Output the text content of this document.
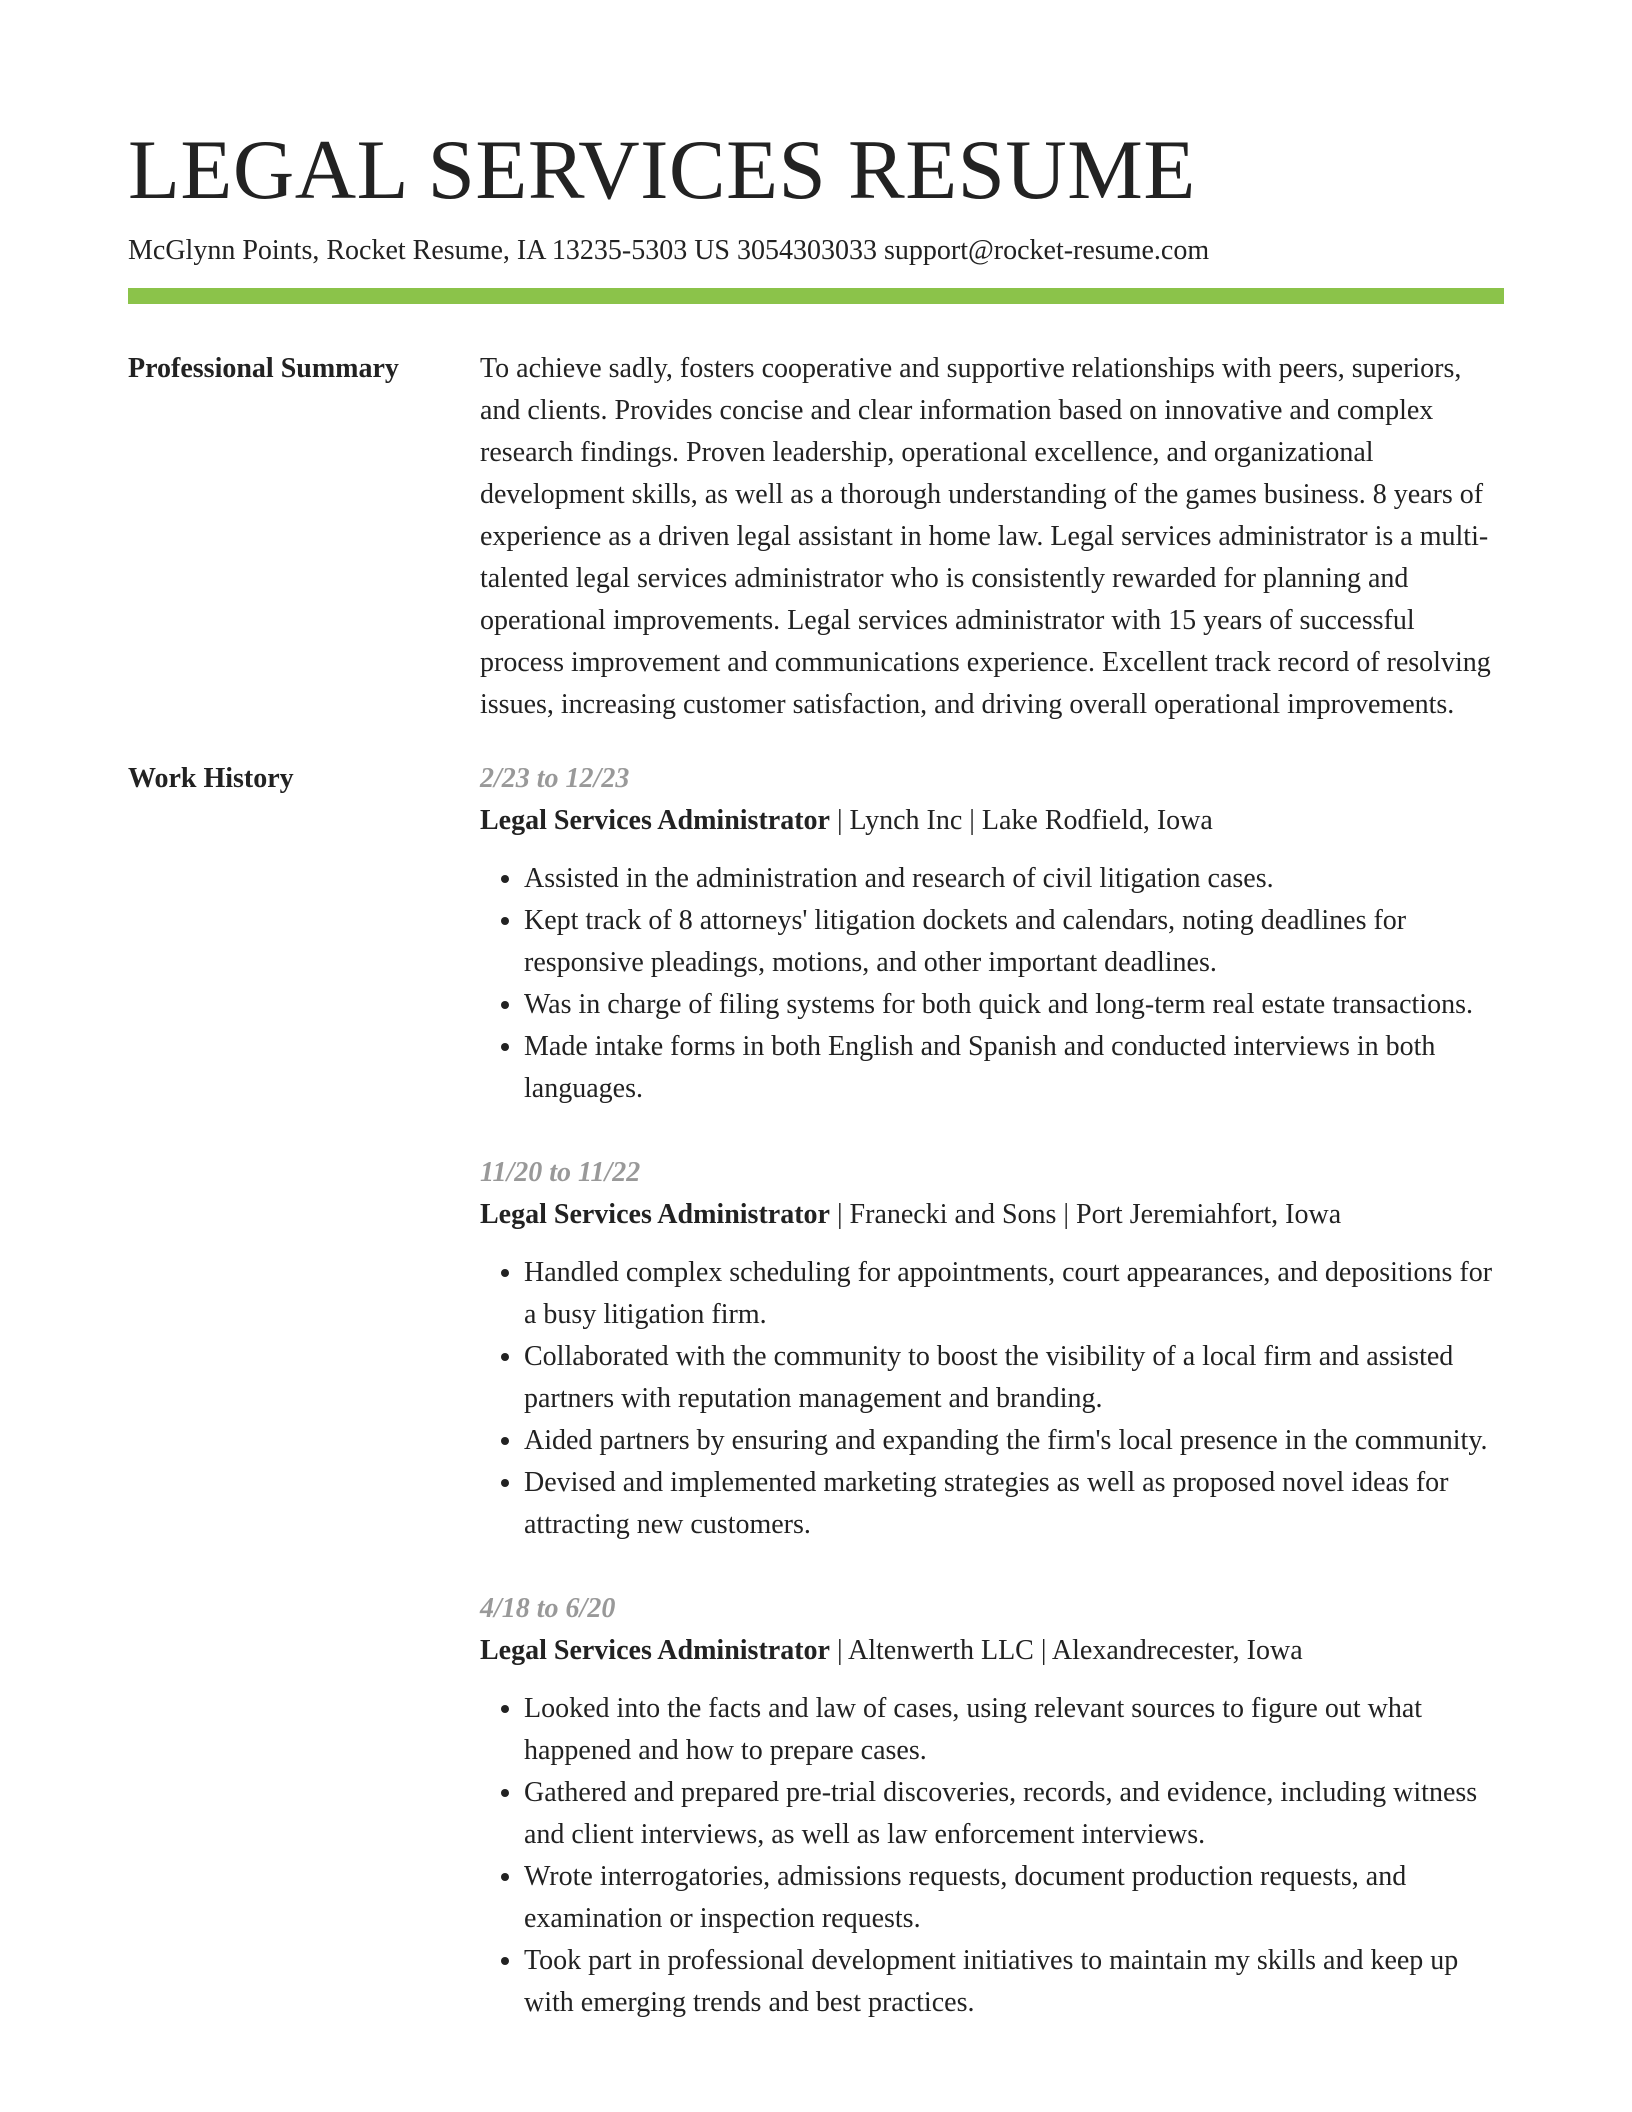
LEGAL SERVICES RESUME
McGlynn Points, Rocket Resume, IA 13235-5303 US 3054303033 support@rocket-resume.com
Professional Summary	To achieve sadly, fosters cooperative and supportive relationships with peers, superiors, and clients. Provides concise and clear information based on innovative and complex research findings. Proven leadership, operational excellence, and organizational development skills, as well as a thorough understanding of the games business. 8 years of experience as a driven legal assistant in home law. Legal services administrator is a multi-talented legal services administrator who is consistently rewarded for planning and operational improvements. Legal services administrator with 15 years of successful process improvement and communications experience. Excellent track record of resolving issues, increasing customer satisfaction, and driving overall operational improvements.

Work History	2/23 to 12/23
Legal Services Administrator | Lynch Inc | Lake Rodfield, Iowa
• Assisted in the administration and research of civil litigation cases.
• Kept track of 8 attorneys' litigation dockets and calendars, noting deadlines for responsive pleadings, motions, and other important deadlines.
• Was in charge of filing systems for both quick and long-term real estate transactions.
• Made intake forms in both English and Spanish and conducted interviews in both languages.
11/20 to 11/22
Legal Services Administrator | Franecki and Sons | Port Jeremiahfort, Iowa
• Handled complex scheduling for appointments, court appearances, and depositions for a busy litigation firm.
• Collaborated with the community to boost the visibility of a local firm and assisted partners with reputation management and branding.
• Aided partners by ensuring and expanding the firm's local presence in the community.
• Devised and implemented marketing strategies as well as proposed novel ideas for attracting new customers.
4/18 to 6/20
Legal Services Administrator | Altenwerth LLC | Alexandrecester, Iowa
• Looked into the facts and law of cases, using relevant sources to figure out what happened and how to prepare cases.
• Gathered and prepared pre-trial discoveries, records, and evidence, including witness and client interviews, as well as law enforcement interviews.
• Wrote interrogatories, admissions requests, document production requests, and examination or inspection requests.
• Took part in professional development initiatives to maintain my skills and keep up with emerging trends and best practices.
